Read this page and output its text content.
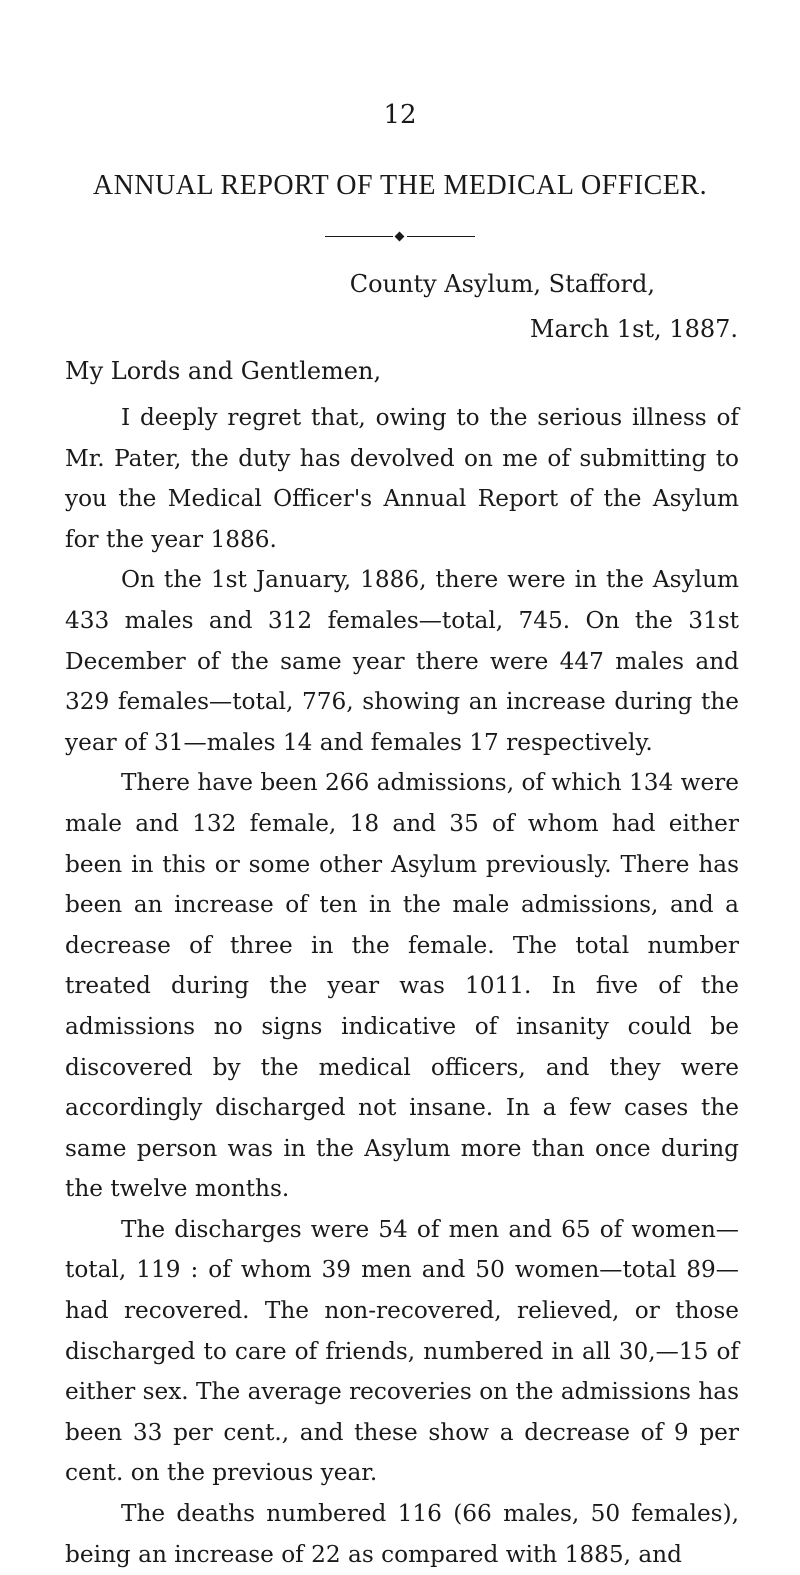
12
ANNUAL REPORT OF THE MEDICAL OFFICER.
County Asylum, Stafford,
March 1st, 1887.
My Lords and Gentlemen,

I deeply regret that, owing to the serious illness of Mr. Pater, the duty has devolved on me of submitting to you the Medical Officer's Annual Report of the Asylum for the year 1886.

On the 1st January, 1886, there were in the Asylum 433 males and 312 females—total, 745. On the 31st December of the same year there were 447 males and 329 females—total, 776, showing an increase during the year of 31—males 14 and females 17 respectively.

There have been 266 admissions, of which 134 were male and 132 female, 18 and 35 of whom had either been in this or some other Asylum previously. There has been an increase of ten in the male admissions, and a decrease of three in the female. The total number treated during the year was 1011. In five of the admissions no signs indicative of insanity could be discovered by the medical officers, and they were accordingly discharged not insane. In a few cases the same person was in the Asylum more than once during the twelve months.

The discharges were 54 of men and 65 of women—total, 119 : of whom 39 men and 50 women—total 89—had recovered. The non-recovered, relieved, or those discharged to care of friends, numbered in all 30,—15 of either sex. The average recoveries on the admissions has been 33 per cent., and these show a decrease of 9 per cent. on the previous year.

The deaths numbered 116 (66 males, 50 females), being an increase of 22 as compared with 1885, and
